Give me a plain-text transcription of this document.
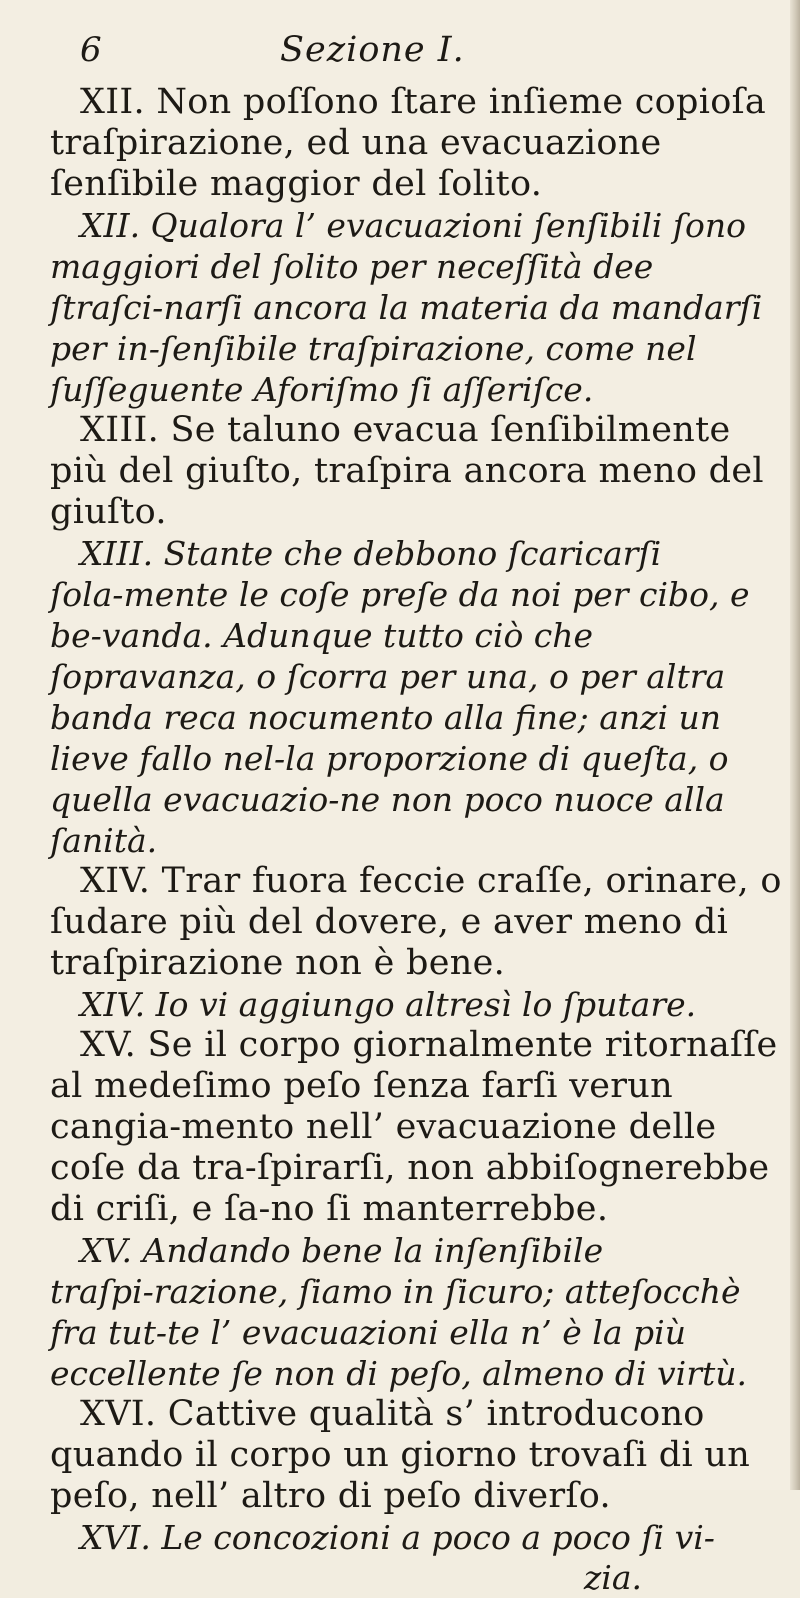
6	Sezione I.

XII. Non poſſono ſtare inſieme copioſa traſpirazione, ed una evacuazione ſenſibile maggior del ſolito.

XII. Qualora l’ evacuazioni ſenſibili ſono maggiori del ſolito per neceſſità dee ſtraſci‑narſi ancora la materia da mandarſi per in‑ſenſibile traſpirazione, come nel ſuſſeguente Aforiſmo ſi aſſeriſce.

XIII. Se taluno evacua ſenſibilmente più del giuſto, traſpira ancora meno del giuſto.

XIII. Stante che debbono ſcaricarſi ſola‑mente le coſe preſe da noi per cibo, e be‑vanda. Adunque tutto ciò che ſopravanza, o ſcorra per una, o per altra banda reca nocumento alla fine; anzi un lieve fallo nel‑la proporzione di queſta, o quella evacuazio‑ne non poco nuoce alla ſanità.

XIV. Trar fuora feccie craſſe, orinare, o ſudare più del dovere, e aver meno di traſpirazione non è bene.

XIV. Io vi aggiungo altresì lo ſputare.

XV. Se il corpo giornalmente ritornaſſe al medeſimo peſo ſenza farſi verun cangia‑mento nell’ evacuazione delle coſe da tra‑ſpirarſi, non abbiſognerebbe di criſi, e ſa‑no ſi manterrebbe.

XV. Andando bene la inſenſibile traſpi‑razione, ſiamo in ſicuro; atteſocchè fra tut‑te l’ evacuazioni ella n’ è la più eccellente ſe non di peſo, almeno di virtù.

XVI. Cattive qualità s’ introducono quando il corpo un giorno trovaſi di un peſo, nell’ altro di peſo diverſo.

XVI. Le concozioni a poco a poco ſi vi‑

zia.
